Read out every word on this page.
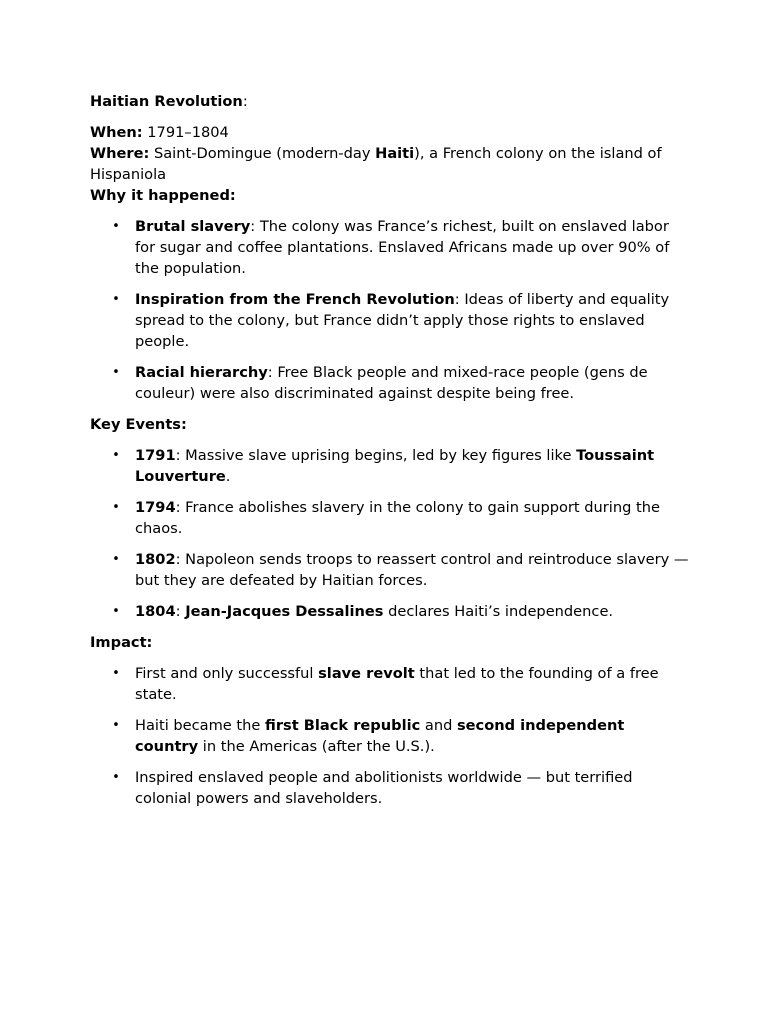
Haitian Revolution:

When: 1791–1804

Where: Saint-Domingue (modern-day Haiti), a French colony on the island of Hispaniola

Why it happened:

• Brutal slavery: The colony was France’s richest, built on enslaved labor for sugar and coffee plantations. Enslaved Africans made up over 90% of the population.
• Inspiration from the French Revolution: Ideas of liberty and equality spread to the colony, but France didn’t apply those rights to enslaved people.
• Racial hierarchy: Free Black people and mixed-race people (gens de couleur) were also discriminated against despite being free.

Key Events:

• 1791: Massive slave uprising begins, led by key figures like Toussaint Louverture.
• 1794: France abolishes slavery in the colony to gain support during the chaos.
• 1802: Napoleon sends troops to reassert control and reintroduce slavery — but they are defeated by Haitian forces.
• 1804: Jean-Jacques Dessalines declares Haiti’s independence.

Impact:

• First and only successful slave revolt that led to the founding of a free state.
• Haiti became the first Black republic and second independent country in the Americas (after the U.S.).
• Inspired enslaved people and abolitionists worldwide — but terrified colonial powers and slaveholders.
